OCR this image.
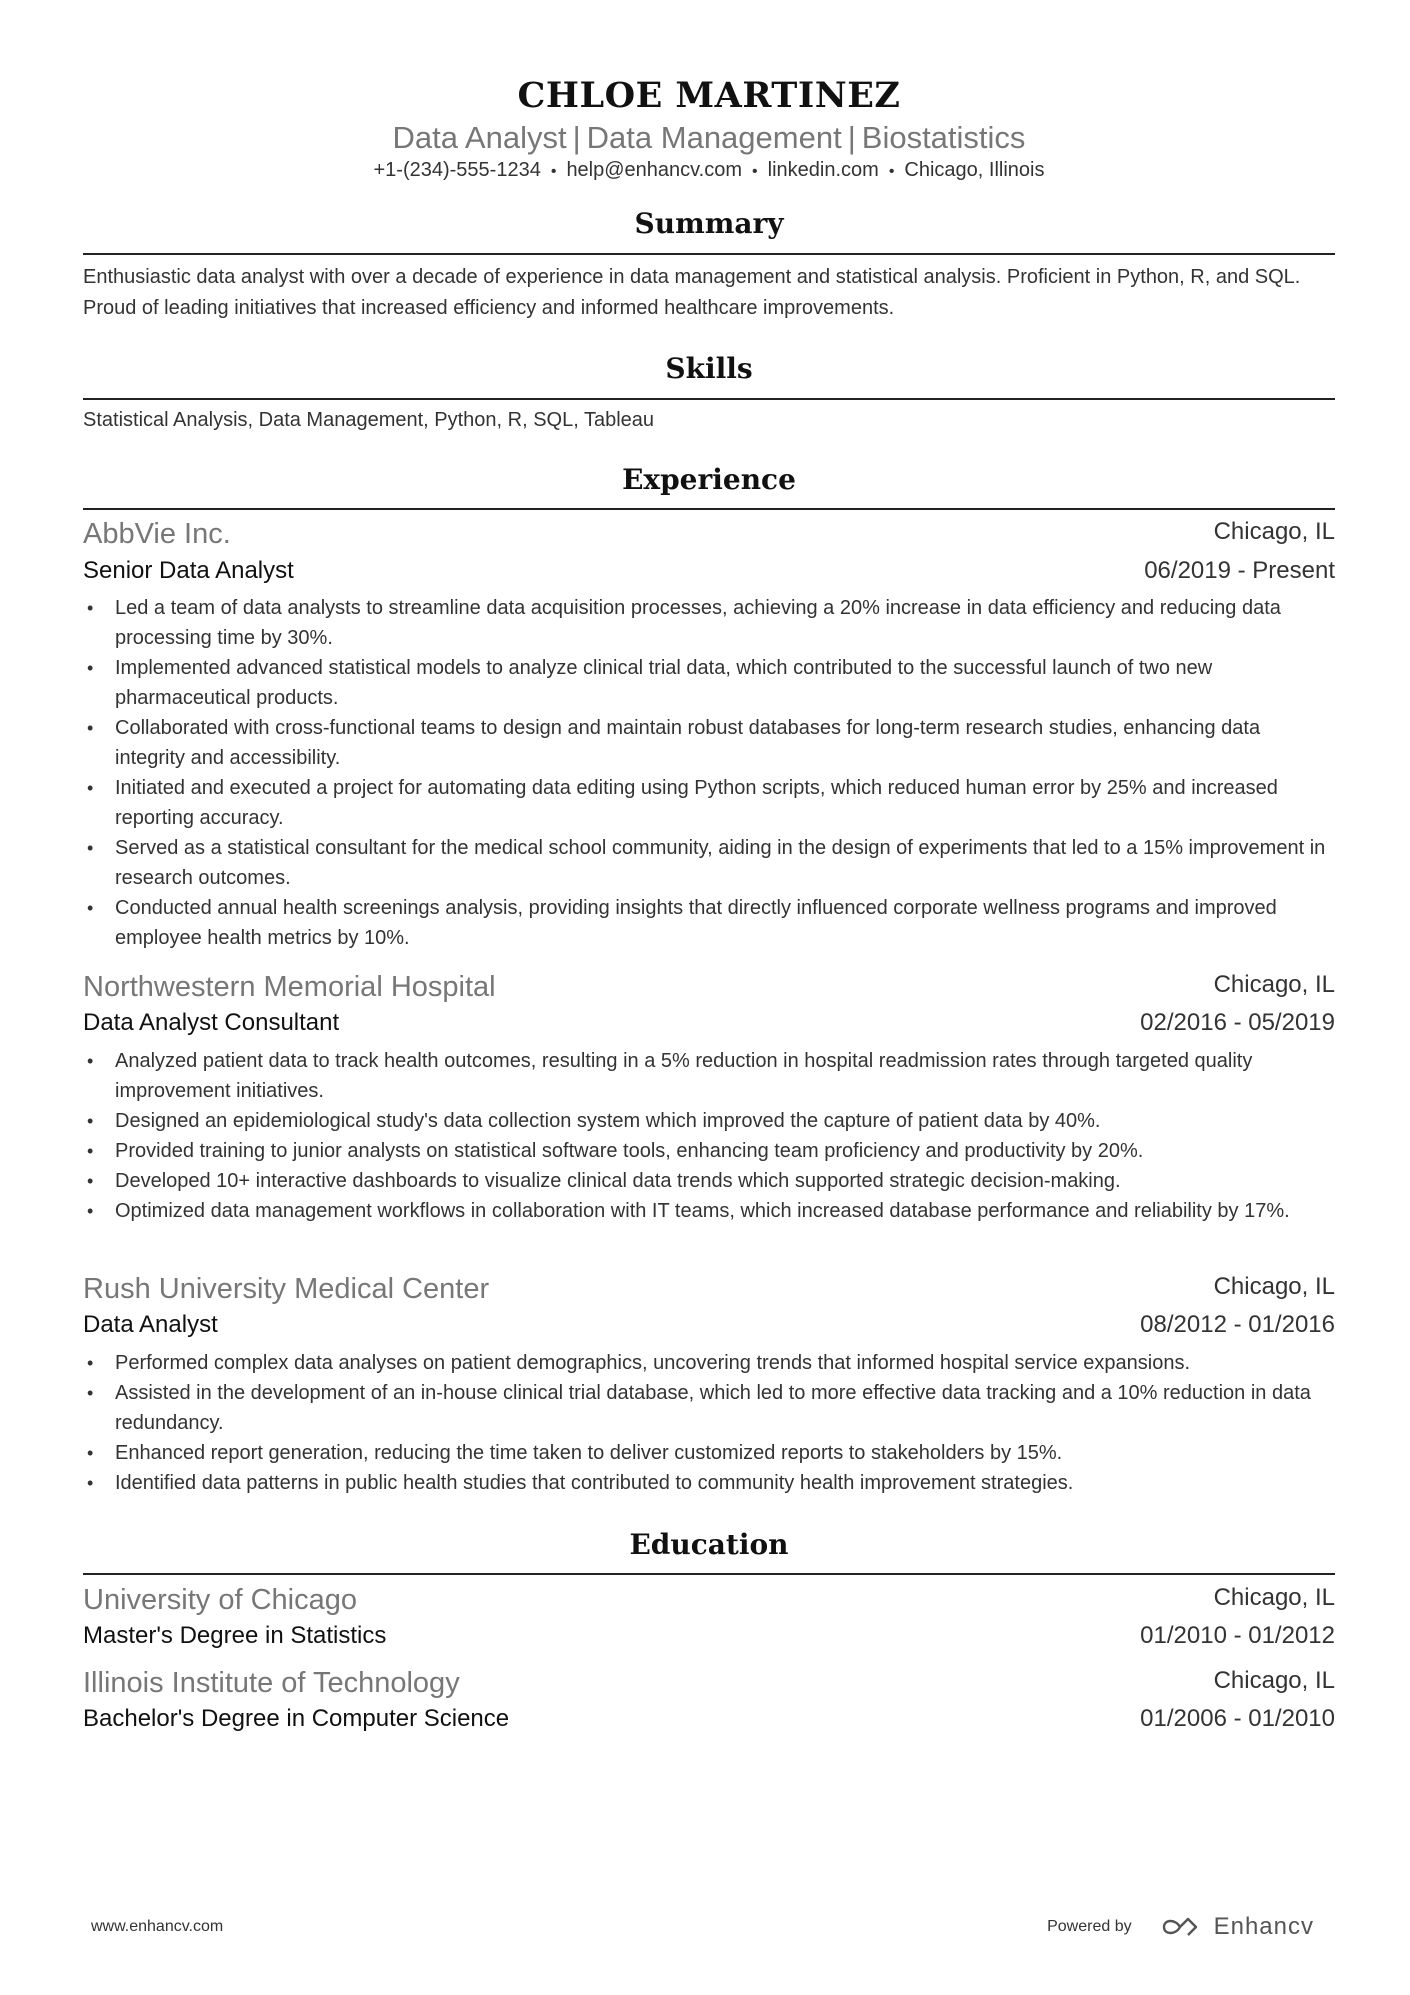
CHLOE MARTINEZ
Data Analyst | Data Management | Biostatistics
+1-(234)-555-1234 • help@enhancv.com • linkedin.com • Chicago, Illinois
Summary
Enthusiastic data analyst with over a decade of experience in data management and statistical analysis. Proficient in Python, R, and SQL. Proud of leading initiatives that increased efficiency and informed healthcare improvements.
Skills
Statistical Analysis, Data Management, Python, R, SQL, Tableau
Experience
AbbVie Inc.	Chicago, IL
Senior Data Analyst	06/2019 - Present
• Led a team of data analysts to streamline data acquisition processes, achieving a 20% increase in data efficiency and reducing data processing time by 30%.
• Implemented advanced statistical models to analyze clinical trial data, which contributed to the successful launch of two new pharmaceutical products.
• Collaborated with cross-functional teams to design and maintain robust databases for long-term research studies, enhancing data integrity and accessibility.
• Initiated and executed a project for automating data editing using Python scripts, which reduced human error by 25% and increased reporting accuracy.
• Served as a statistical consultant for the medical school community, aiding in the design of experiments that led to a 15% improvement in research outcomes.
• Conducted annual health screenings analysis, providing insights that directly influenced corporate wellness programs and improved employee health metrics by 10%.
Northwestern Memorial Hospital	Chicago, IL
Data Analyst Consultant	02/2016 - 05/2019
• Analyzed patient data to track health outcomes, resulting in a 5% reduction in hospital readmission rates through targeted quality improvement initiatives.
• Designed an epidemiological study's data collection system which improved the capture of patient data by 40%.
• Provided training to junior analysts on statistical software tools, enhancing team proficiency and productivity by 20%.
• Developed 10+ interactive dashboards to visualize clinical data trends which supported strategic decision-making.
• Optimized data management workflows in collaboration with IT teams, which increased database performance and reliability by 17%.
Rush University Medical Center	Chicago, IL
Data Analyst	08/2012 - 01/2016
• Performed complex data analyses on patient demographics, uncovering trends that informed hospital service expansions.
• Assisted in the development of an in-house clinical trial database, which led to more effective data tracking and a 10% reduction in data redundancy.
• Enhanced report generation, reducing the time taken to deliver customized reports to stakeholders by 15%.
• Identified data patterns in public health studies that contributed to community health improvement strategies.
Education
University of Chicago	Chicago, IL
Master's Degree in Statistics	01/2010 - 01/2012
Illinois Institute of Technology	Chicago, IL
Bachelor's Degree in Computer Science	01/2006 - 01/2010
www.enhancv.com	Powered by	Enhancv
